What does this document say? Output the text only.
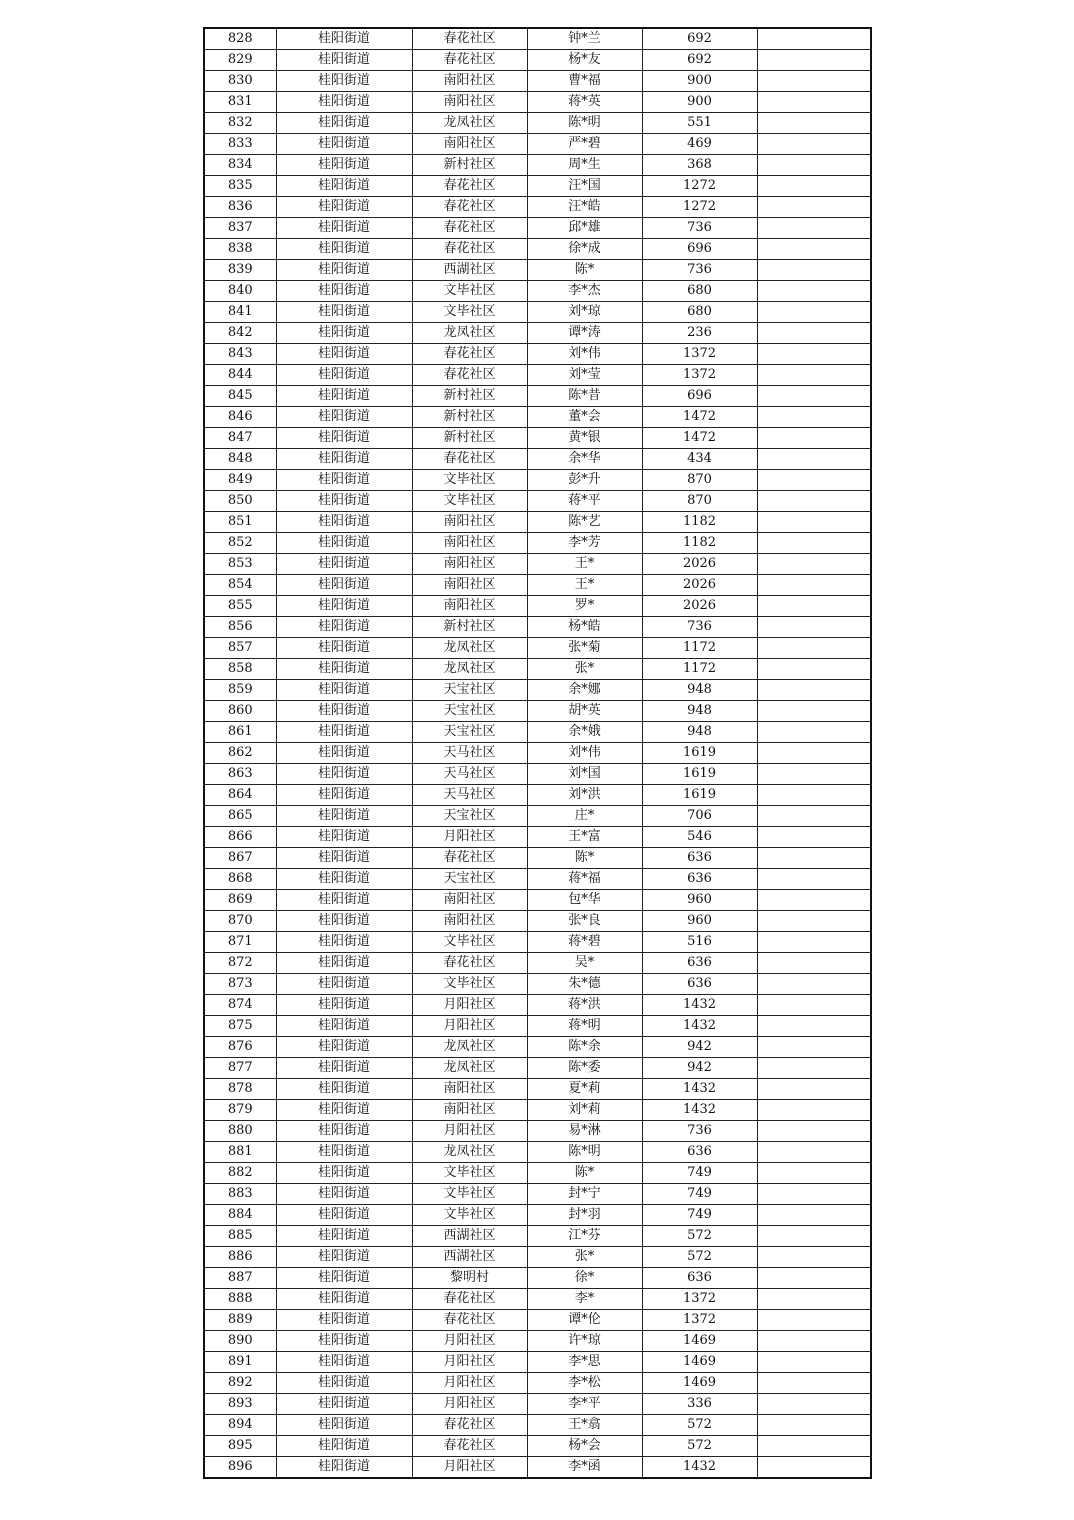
828	桂阳街道	春花社区	钟*兰	692	
829	桂阳街道	春花社区	杨*友	692	
830	桂阳街道	南阳社区	曹*福	900	
831	桂阳街道	南阳社区	蒋*英	900	
832	桂阳街道	龙凤社区	陈*明	551	
833	桂阳街道	南阳社区	严*碧	469	
834	桂阳街道	新村社区	周*生	368	
835	桂阳街道	春花社区	汪*国	1272	
836	桂阳街道	春花社区	汪*皓	1272	
837	桂阳街道	春花社区	邱*雄	736	
838	桂阳街道	春花社区	徐*成	696	
839	桂阳街道	西湖社区	陈*	736	
840	桂阳街道	文毕社区	李*杰	680	
841	桂阳街道	文毕社区	刘*琼	680	
842	桂阳街道	龙凤社区	谭*涛	236	
843	桂阳街道	春花社区	刘*伟	1372	
844	桂阳街道	春花社区	刘*莹	1372	
845	桂阳街道	新村社区	陈*昔	696	
846	桂阳街道	新村社区	董*会	1472	
847	桂阳街道	新村社区	黄*银	1472	
848	桂阳街道	春花社区	余*华	434	
849	桂阳街道	文毕社区	彭*升	870	
850	桂阳街道	文毕社区	蒋*平	870	
851	桂阳街道	南阳社区	陈*艺	1182	
852	桂阳街道	南阳社区	李*芳	1182	
853	桂阳街道	南阳社区	王*	2026	
854	桂阳街道	南阳社区	王*	2026	
855	桂阳街道	南阳社区	罗*	2026	
856	桂阳街道	新村社区	杨*皓	736	
857	桂阳街道	龙凤社区	张*菊	1172	
858	桂阳街道	龙凤社区	张*	1172	
859	桂阳街道	天宝社区	余*娜	948	
860	桂阳街道	天宝社区	胡*英	948	
861	桂阳街道	天宝社区	余*娥	948	
862	桂阳街道	天马社区	刘*伟	1619	
863	桂阳街道	天马社区	刘*国	1619	
864	桂阳街道	天马社区	刘*洪	1619	
865	桂阳街道	天宝社区	庄*	706	
866	桂阳街道	月阳社区	王*富	546	
867	桂阳街道	春花社区	陈*	636	
868	桂阳街道	天宝社区	蒋*福	636	
869	桂阳街道	南阳社区	包*华	960	
870	桂阳街道	南阳社区	张*良	960	
871	桂阳街道	文毕社区	蒋*碧	516	
872	桂阳街道	春花社区	吴*	636	
873	桂阳街道	文毕社区	朱*德	636	
874	桂阳街道	月阳社区	蒋*洪	1432	
875	桂阳街道	月阳社区	蒋*明	1432	
876	桂阳街道	龙凤社区	陈*余	942	
877	桂阳街道	龙凤社区	陈*委	942	
878	桂阳街道	南阳社区	夏*莉	1432	
879	桂阳街道	南阳社区	刘*莉	1432	
880	桂阳街道	月阳社区	易*淋	736	
881	桂阳街道	龙凤社区	陈*明	636	
882	桂阳街道	文毕社区	陈*	749	
883	桂阳街道	文毕社区	封*宁	749	
884	桂阳街道	文毕社区	封*羽	749	
885	桂阳街道	西湖社区	江*芬	572	
886	桂阳街道	西湖社区	张*	572	
887	桂阳街道	黎明村	徐*	636	
888	桂阳街道	春花社区	李*	1372	
889	桂阳街道	春花社区	谭*伦	1372	
890	桂阳街道	月阳社区	许*琼	1469	
891	桂阳街道	月阳社区	李*思	1469	
892	桂阳街道	月阳社区	李*松	1469	
893	桂阳街道	月阳社区	李*平	336	
894	桂阳街道	春花社区	王*翕	572	
895	桂阳街道	春花社区	杨*会	572	
896	桂阳街道	月阳社区	李*函	1432	
